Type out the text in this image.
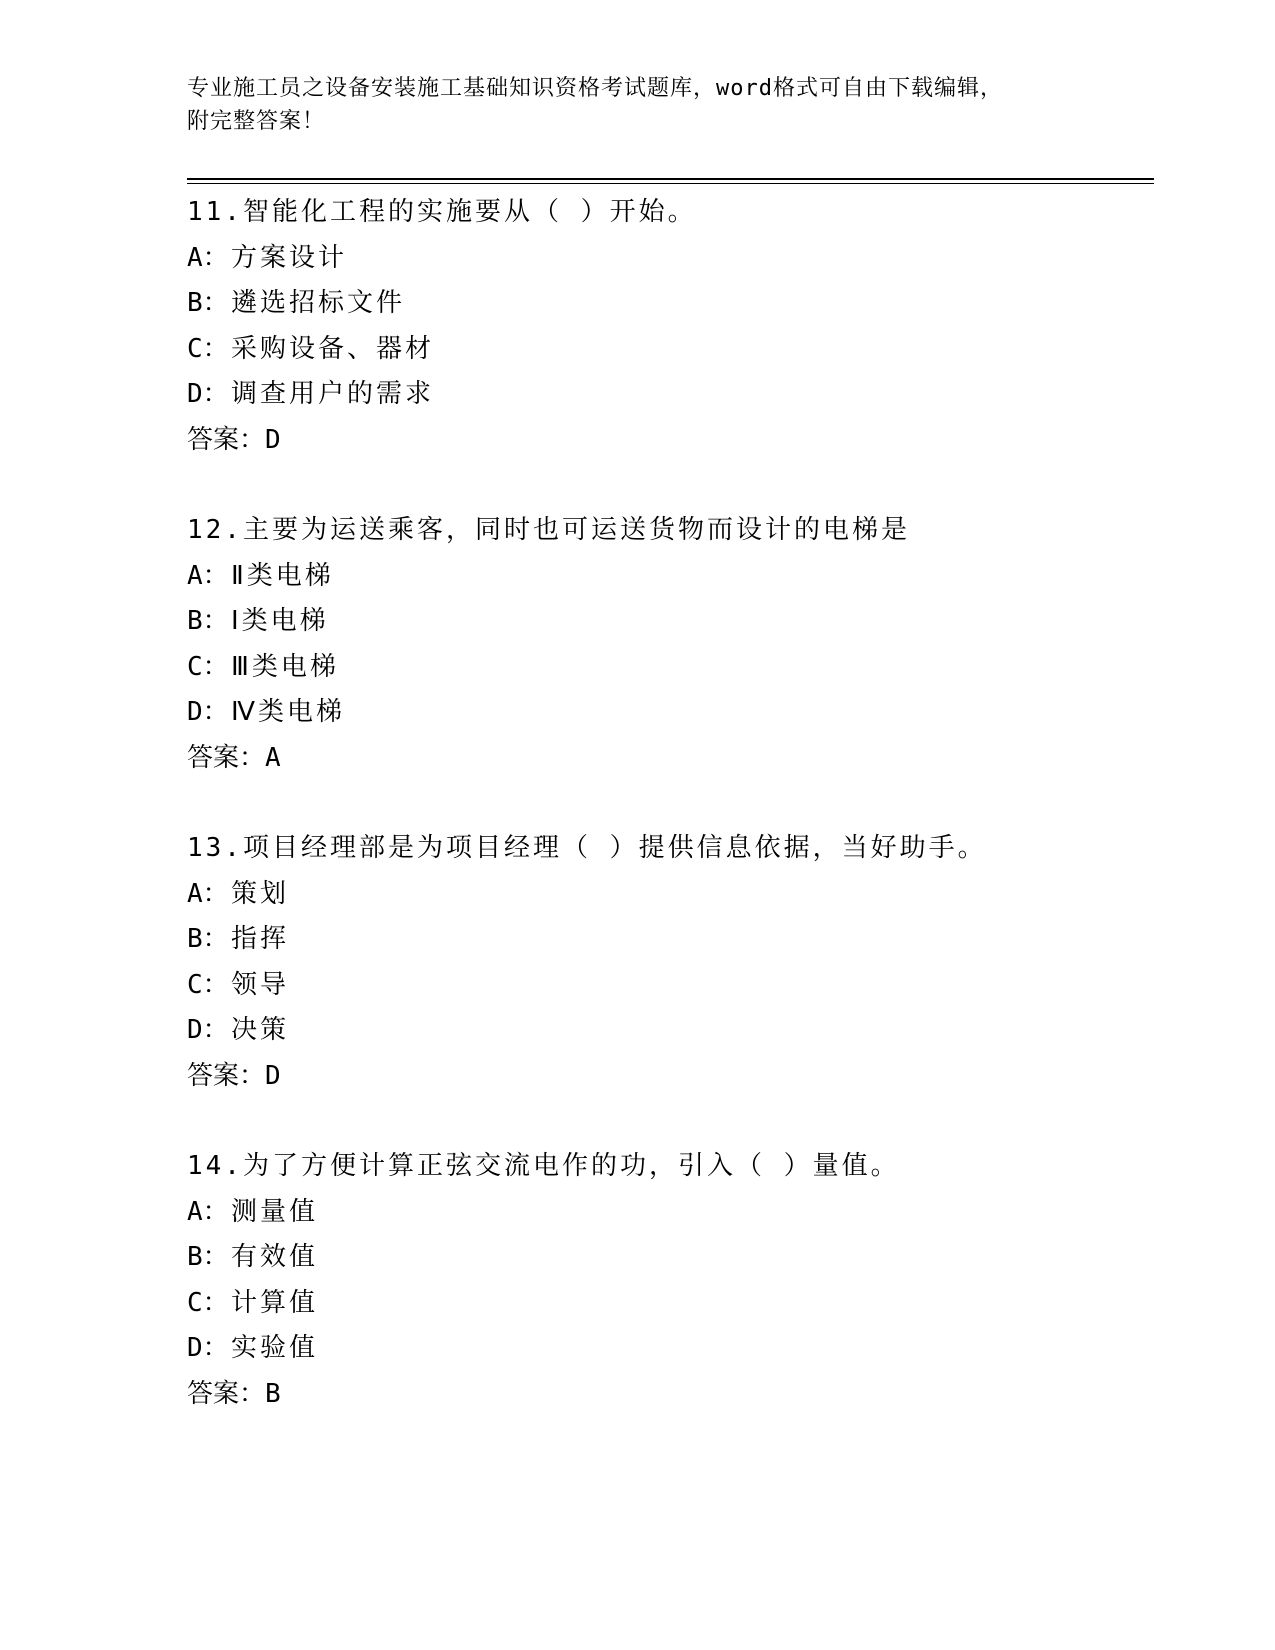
专业施工员之设备安装施工基础知识资格考试题库，word格式可自由下载编辑，
附完整答案！
11.智能化工程的实施要从（ ）开始。
A：方案设计
B：遴选招标文件
C：采购设备、器材
D：调查用户的需求
答案：D
12.主要为运送乘客，同时也可运送货物而设计的电梯是
A：Ⅱ类电梯
B：Ⅰ类电梯
C：Ⅲ类电梯
D：Ⅳ类电梯
答案：A
13.项目经理部是为项目经理（ ）提供信息依据，当好助手。
A：策划
B：指挥
C：领导
D：决策
答案：D
14.为了方便计算正弦交流电作的功，引入（ ）量值。
A：测量值
B：有效值
C：计算值
D：实验值
答案：B
